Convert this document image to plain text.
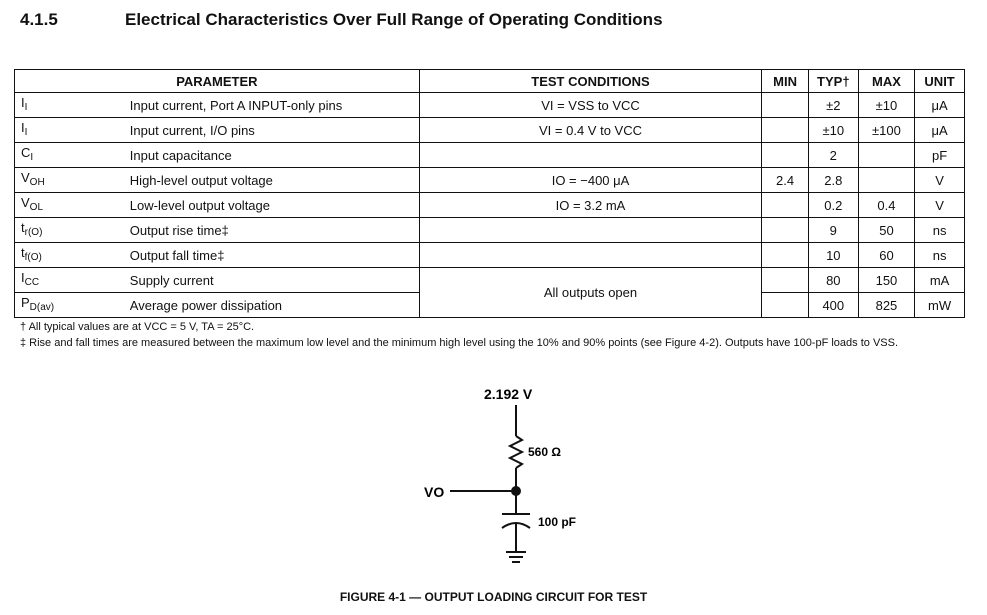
4.1.5	Electrical Characteristics Over Full Range of Operating Conditions
PARAMETER		TEST CONDITIONS	MIN	TYP†	MAX	UNIT
$I_I$	Input current, Port A INPUT-only pins	VI = VSS to VCC		±2	±10	μA
$I_I$	Input current, I/O pins	VI = 0.4 V to VCC		±10	±100	μA
$C_I$	Input capacitance			2		pF
$V_{OH}$	High-level output voltage	IO = −400 μA	2.4	2.8		V
$V_{OL}$	Low-level output voltage	IO = 3.2 mA		0.2	0.4	V
$t_{r(O)}$	Output rise time‡			9	50	ns
$t_{f(O)}$	Output fall time‡			10	60	ns
$I_{CC}$	Supply current	All outputs open		80	150	mA
$P_{D(av)}$	Average power dissipation			400	825	mW
† All typical values are at VCC = 5 V, TA = 25°C.
‡ Rise and fall times are measured between the maximum low level and the minimum high level using the 10% and 90% points (see Figure 4-2). Outputs have 100-pF loads to VSS.
2.192 V
560 Ω
VO
100 pF
FIGURE 4-1 — OUTPUT LOADING CIRCUIT FOR TEST
